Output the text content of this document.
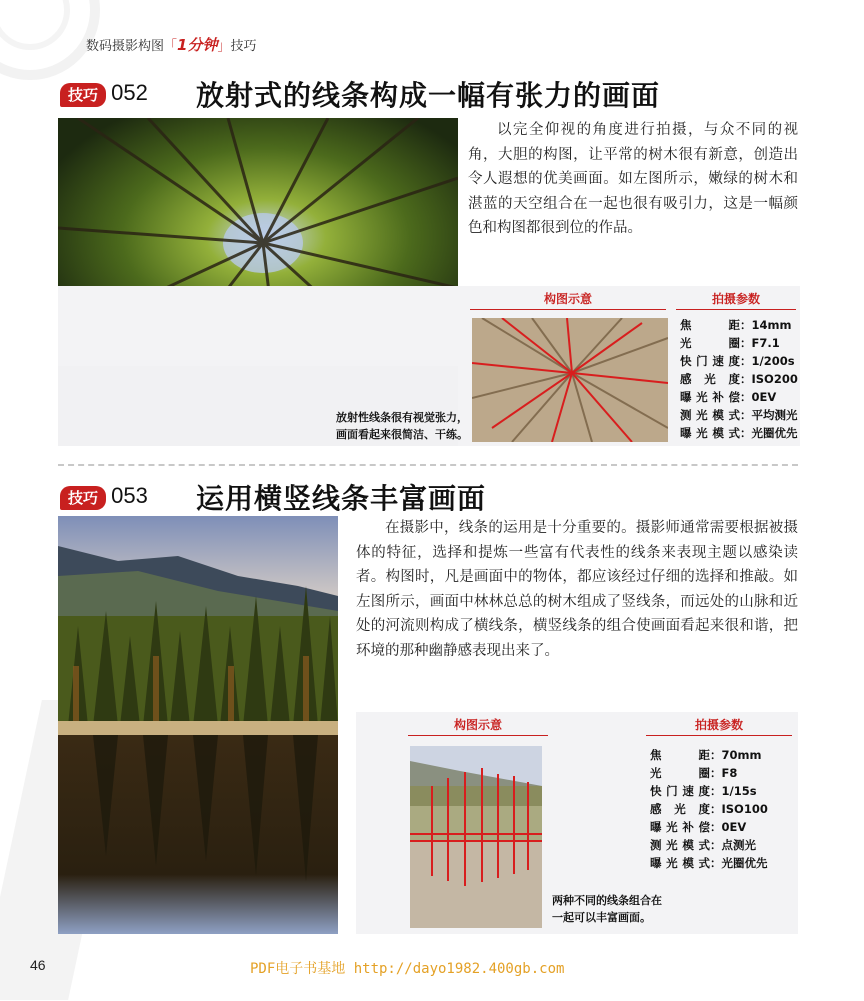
数码摄影构图「1分钟」技巧
技巧 052 放射式的线条构成一幅有张力的画面
以完全仰视的角度进行拍摄，与众不同的视角，大胆的构图，让平常的树木很有新意，创造出令人遐想的优美画面。如左图所示，嫩绿的树木和湛蓝的天空组合在一起也很有吸引力，这是一幅颜色和构图都很到位的作品。
放射性线条很有视觉张力，
画面看起来很简洁、干练。
构图示意	拍摄参数
焦　　距：14mm
光　　圈：F7.1
快门速度：1/200s
感 光 度：ISO200
曝光补偿：0EV
测光模式：平均测光
曝光模式：光圈优先
技巧 053 运用横竖线条丰富画面
在摄影中，线条的运用是十分重要的。摄影师通常需要根据被摄体的特征，选择和提炼一些富有代表性的线条来表现主题以感染读者。构图时，凡是画面中的物体，都应该经过仔细的选择和推敲。如左图所示，画面中林林总总的树木组成了竖线条，而远处的山脉和近处的河流则构成了横线条，横竖线条的组合使画面看起来很和谐，把环境的那种幽静感表现出来了。
构图示意	拍摄参数
焦　　距：70mm
光　　圈：F8
快门速度：1/15s
感 光 度：ISO100
曝光补偿：0EV
测光模式：点测光
曝光模式：光圈优先
两种不同的线条组合在
一起可以丰富画面。
46	PDF电子书基地 http://dayo1982.400gb.com
